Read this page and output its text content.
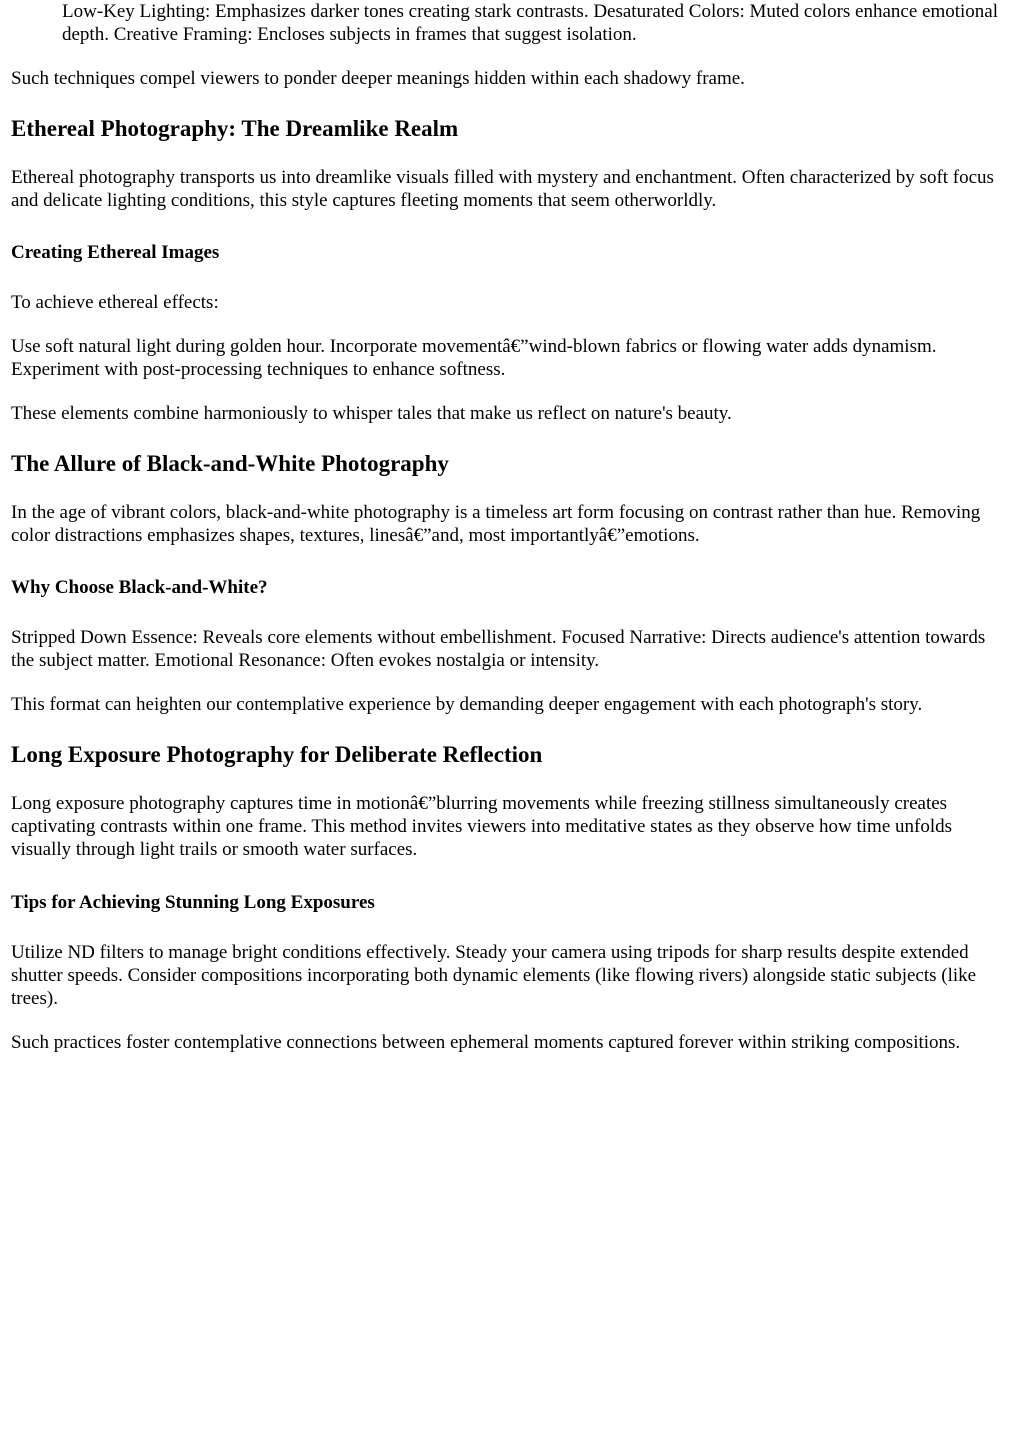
Low-Key Lighting: Emphasizes darker tones creating stark contrasts. Desaturated Colors: Muted colors enhance emotional depth. Creative Framing: Encloses subjects in frames that suggest isolation.
Such techniques compel viewers to ponder deeper meanings hidden within each shadowy frame.
Ethereal Photography: The Dreamlike Realm
Ethereal photography transports us into dreamlike visuals filled with mystery and enchantment. Often characterized by soft focus and delicate lighting conditions, this style captures fleeting moments that seem otherworldly.
Creating Ethereal Images
To achieve ethereal effects:
Use soft natural light during golden hour. Incorporate movementâ€”wind-blown fabrics or flowing water adds dynamism. Experiment with post-processing techniques to enhance softness.
These elements combine harmoniously to whisper tales that make us reflect on nature's beauty.
The Allure of Black-and-White Photography
In the age of vibrant colors, black-and-white photography is a timeless art form focusing on contrast rather than hue. Removing color distractions emphasizes shapes, textures, linesâ€”and, most importantlyâ€”emotions.
Why Choose Black-and-White?
Stripped Down Essence: Reveals core elements without embellishment. Focused Narrative: Directs audience's attention towards the subject matter. Emotional Resonance: Often evokes nostalgia or intensity.
This format can heighten our contemplative experience by demanding deeper engagement with each photograph's story.
Long Exposure Photography for Deliberate Reflection
Long exposure photography captures time in motionâ€”blurring movements while freezing stillness simultaneously creates captivating contrasts within one frame. This method invites viewers into meditative states as they observe how time unfolds visually through light trails or smooth water surfaces.
Tips for Achieving Stunning Long Exposures
Utilize ND filters to manage bright conditions effectively. Steady your camera using tripods for sharp results despite extended shutter speeds. Consider compositions incorporating both dynamic elements (like flowing rivers) alongside static subjects (like trees).
Such practices foster contemplative connections between ephemeral moments captured forever within striking compositions.
